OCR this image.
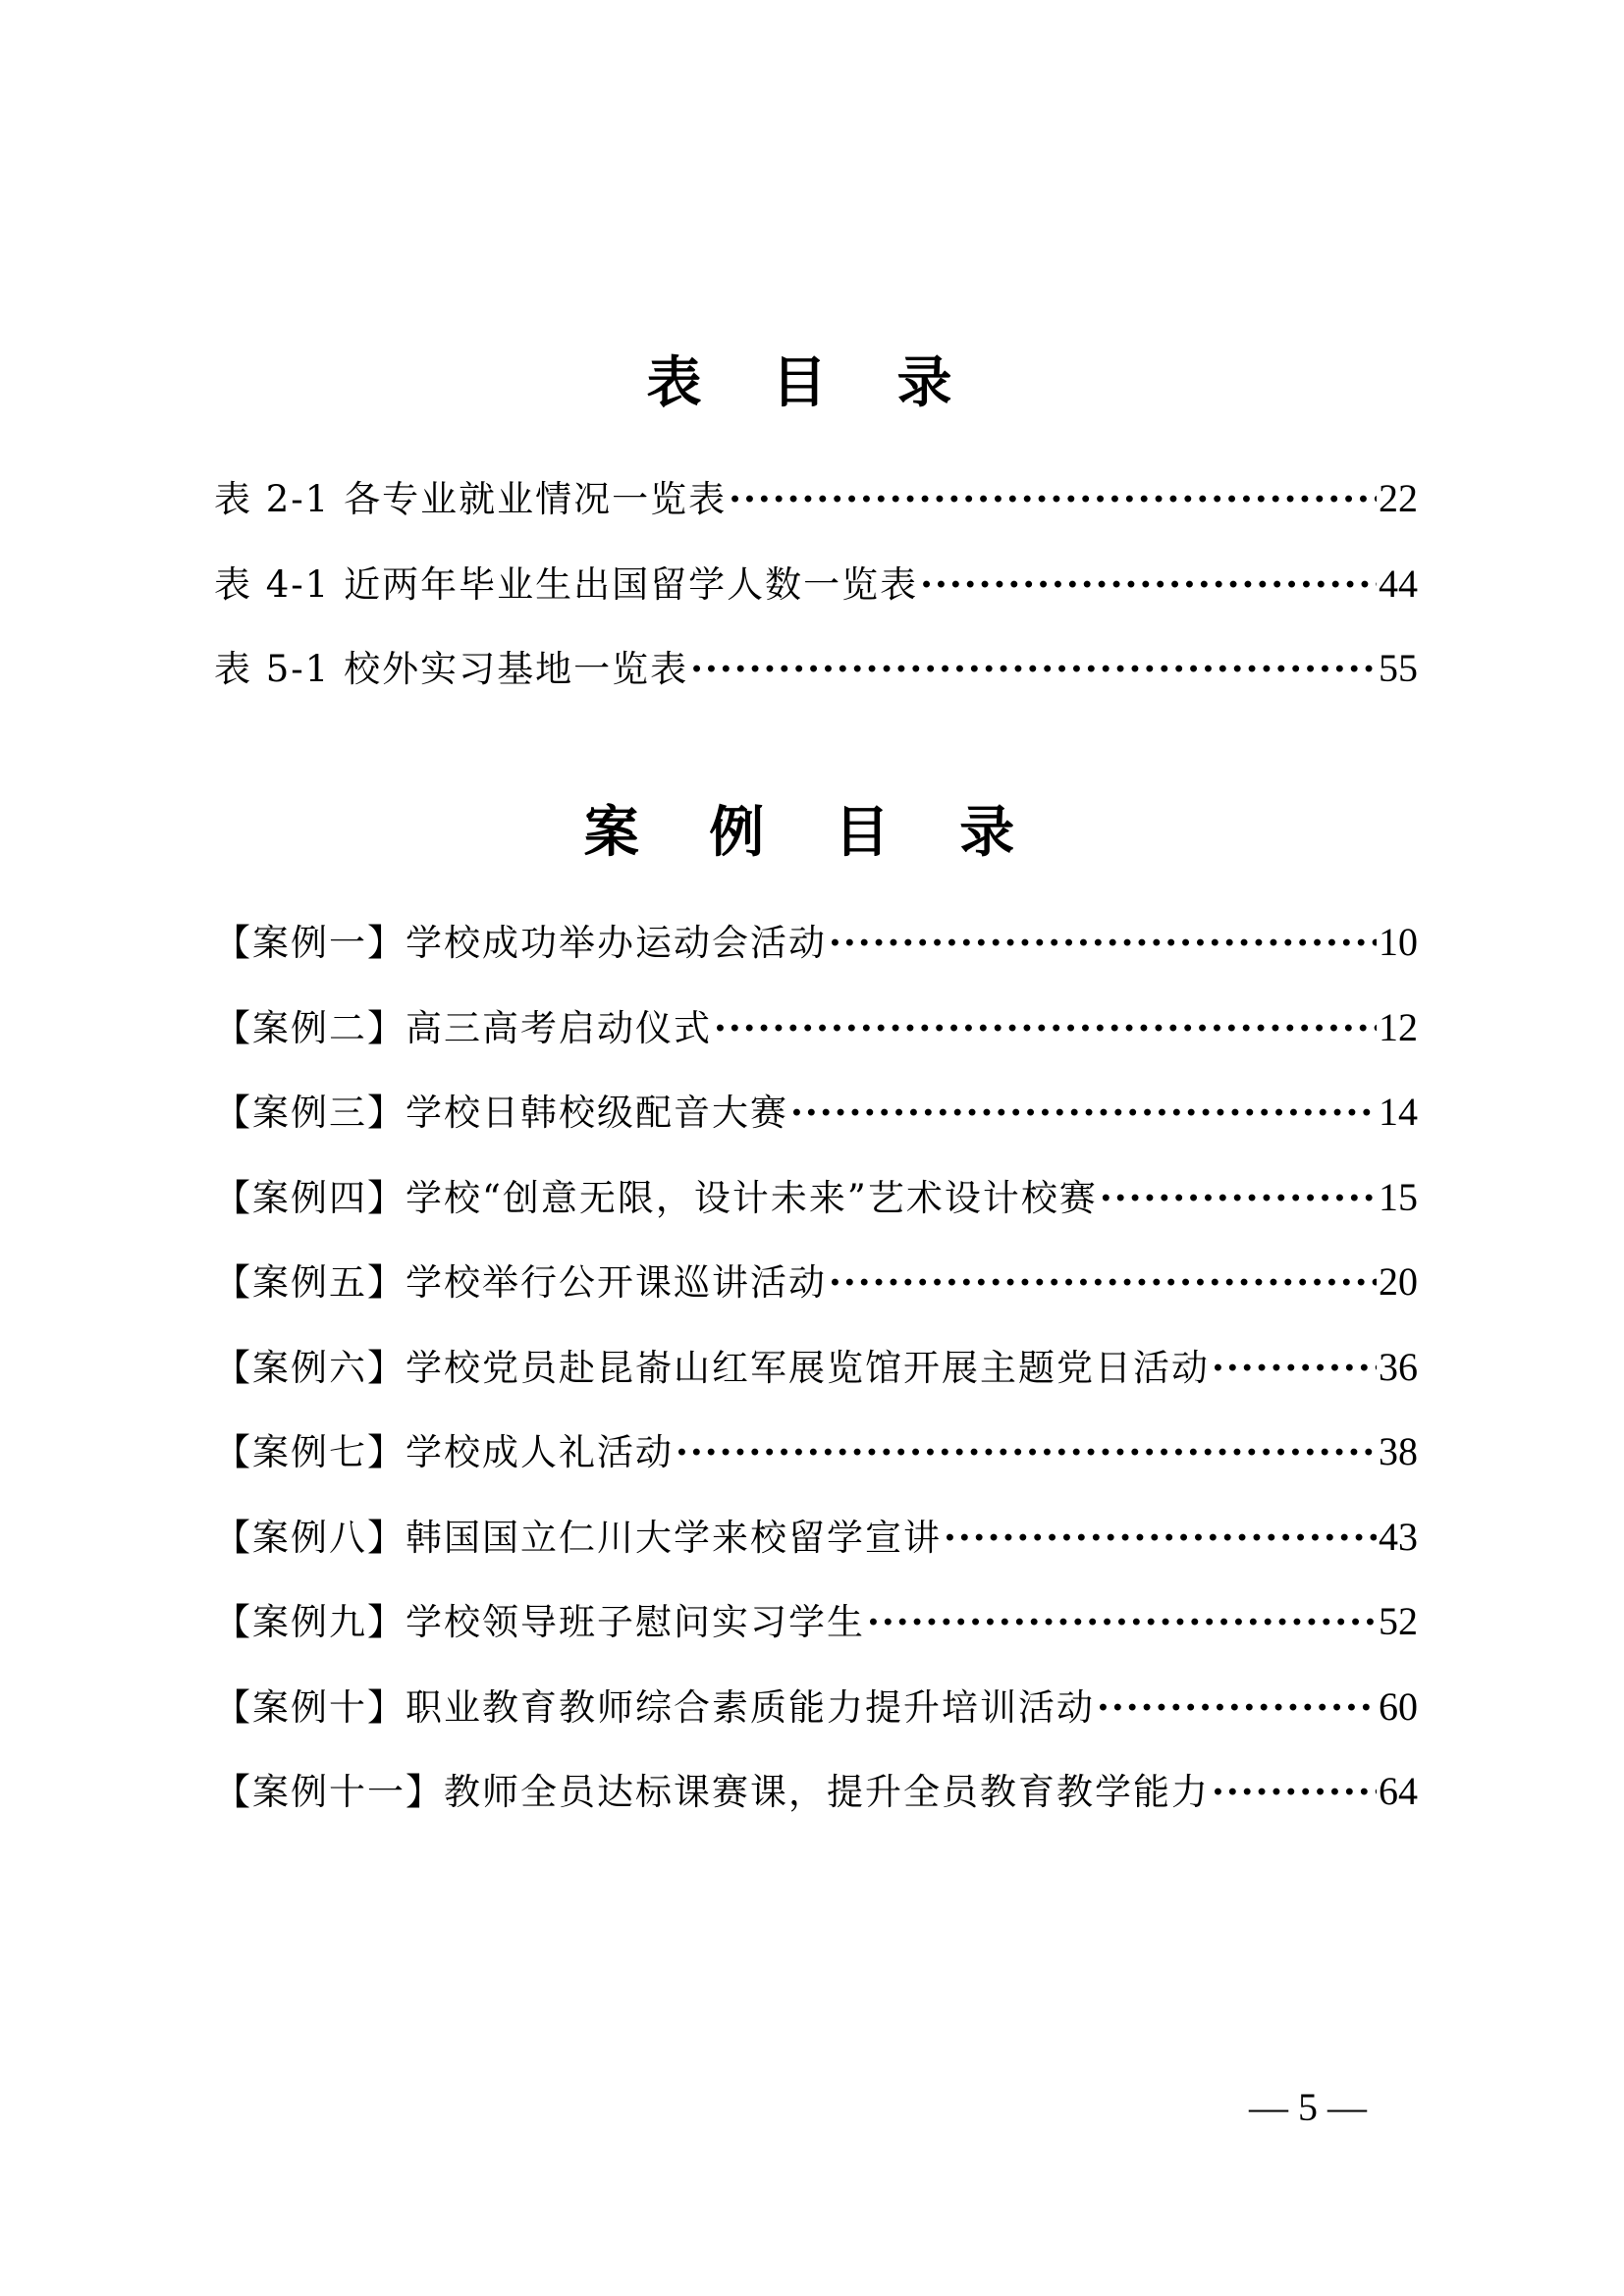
表 目 录
表 2-1 各专业就业情况一览表 ·····	22
表 4-1 近两年毕业生出国留学人数一览表 ·····	44
表 5-1 校外实习基地一览表 ·····	55
案 例 目 录
【案例一】学校成功举办运动会活动 ·····	10
【案例二】高三高考启动仪式 ·····	12
【案例三】学校日韩校级配音大赛 ·····	14
【案例四】学校“创意无限，设计未来”艺术设计校赛 ·····	15
【案例五】学校举行公开课巡讲活动 ·····	20
【案例六】学校党员赴昆嵛山红军展览馆开展主题党日活动 ·····	36
【案例七】学校成人礼活动 ·····	38
【案例八】韩国国立仁川大学来校留学宣讲 ·····	43
【案例九】学校领导班子慰问实习学生 ·····	52
【案例十】职业教育教师综合素质能力提升培训活动 ·····	60
【案例十一】教师全员达标课赛课，提升全员教育教学能力 ·····	64
— 5 —
